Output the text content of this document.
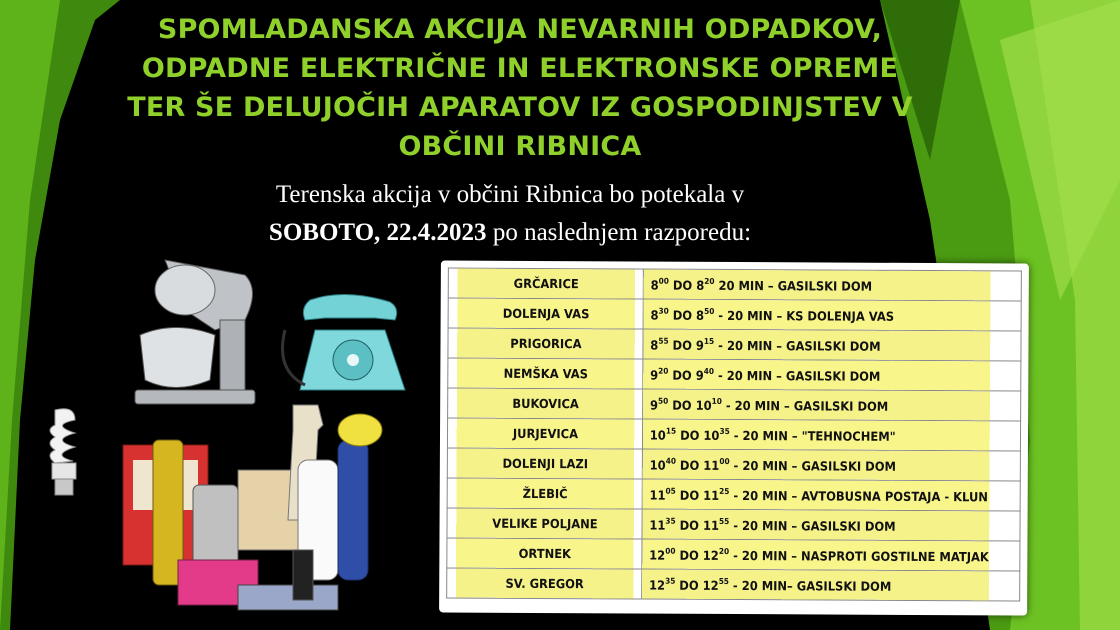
SPOMLADANSKA AKCIJA NEVARNIH ODPADKOV,
ODPADNE ELEKTRIČNE IN ELEKTRONSKE OPREME
TER ŠE DELUJOČIH APARATOV IZ GOSPODINJSTEV V
OBČINI RIBNICA
Terenska akcija v občini Ribnica bo potekala v
SOBOTO, 22.4.2023 po naslednjem razporedu:
GRČARICE	$8^{00}$ DO $8^{20}$ 20 MIN – GASILSKI DOM
DOLENJA VAS	$8^{30}$ DO $8^{50} - 20$ MIN – KS DOLENJA VAS
PRIGORICA	$8^{55}$ DO $9^{15} - 20$ MIN – GASILSKI DOM
NEMŠKA VAS	$9^{20}$ DO $9^{40} - 20$ MIN – GASILSKI DOM
BUKOVICA	$9^{50}$ DO $10^{10} - 20$ MIN – GASILSKI DOM
JURJEVICA	$10^{15}$ DO $10^{35} - 20$ MIN – "TEHNOCHEM"
DOLENJI LAZI	$10^{40}$ DO $11^{00} - 20$ MIN – GASILSKI DOM
ŽLEBIČ	$11^{05}$ DO $11^{25} - 20$ MIN – AVTOBUSNA POSTAJA - KLUN
VELIKE POLJANE	$11^{35}$ DO $11^{55} - 20$ MIN – GASILSKI DOM
ORTNEK	$12^{00}$ DO $12^{20} - 20$ MIN – NASPROTI GOSTILNE MATJAK
SV. GREGOR	$12^{35}$ DO $12^{55} - 20$ MIN– GASILSKI DOM
